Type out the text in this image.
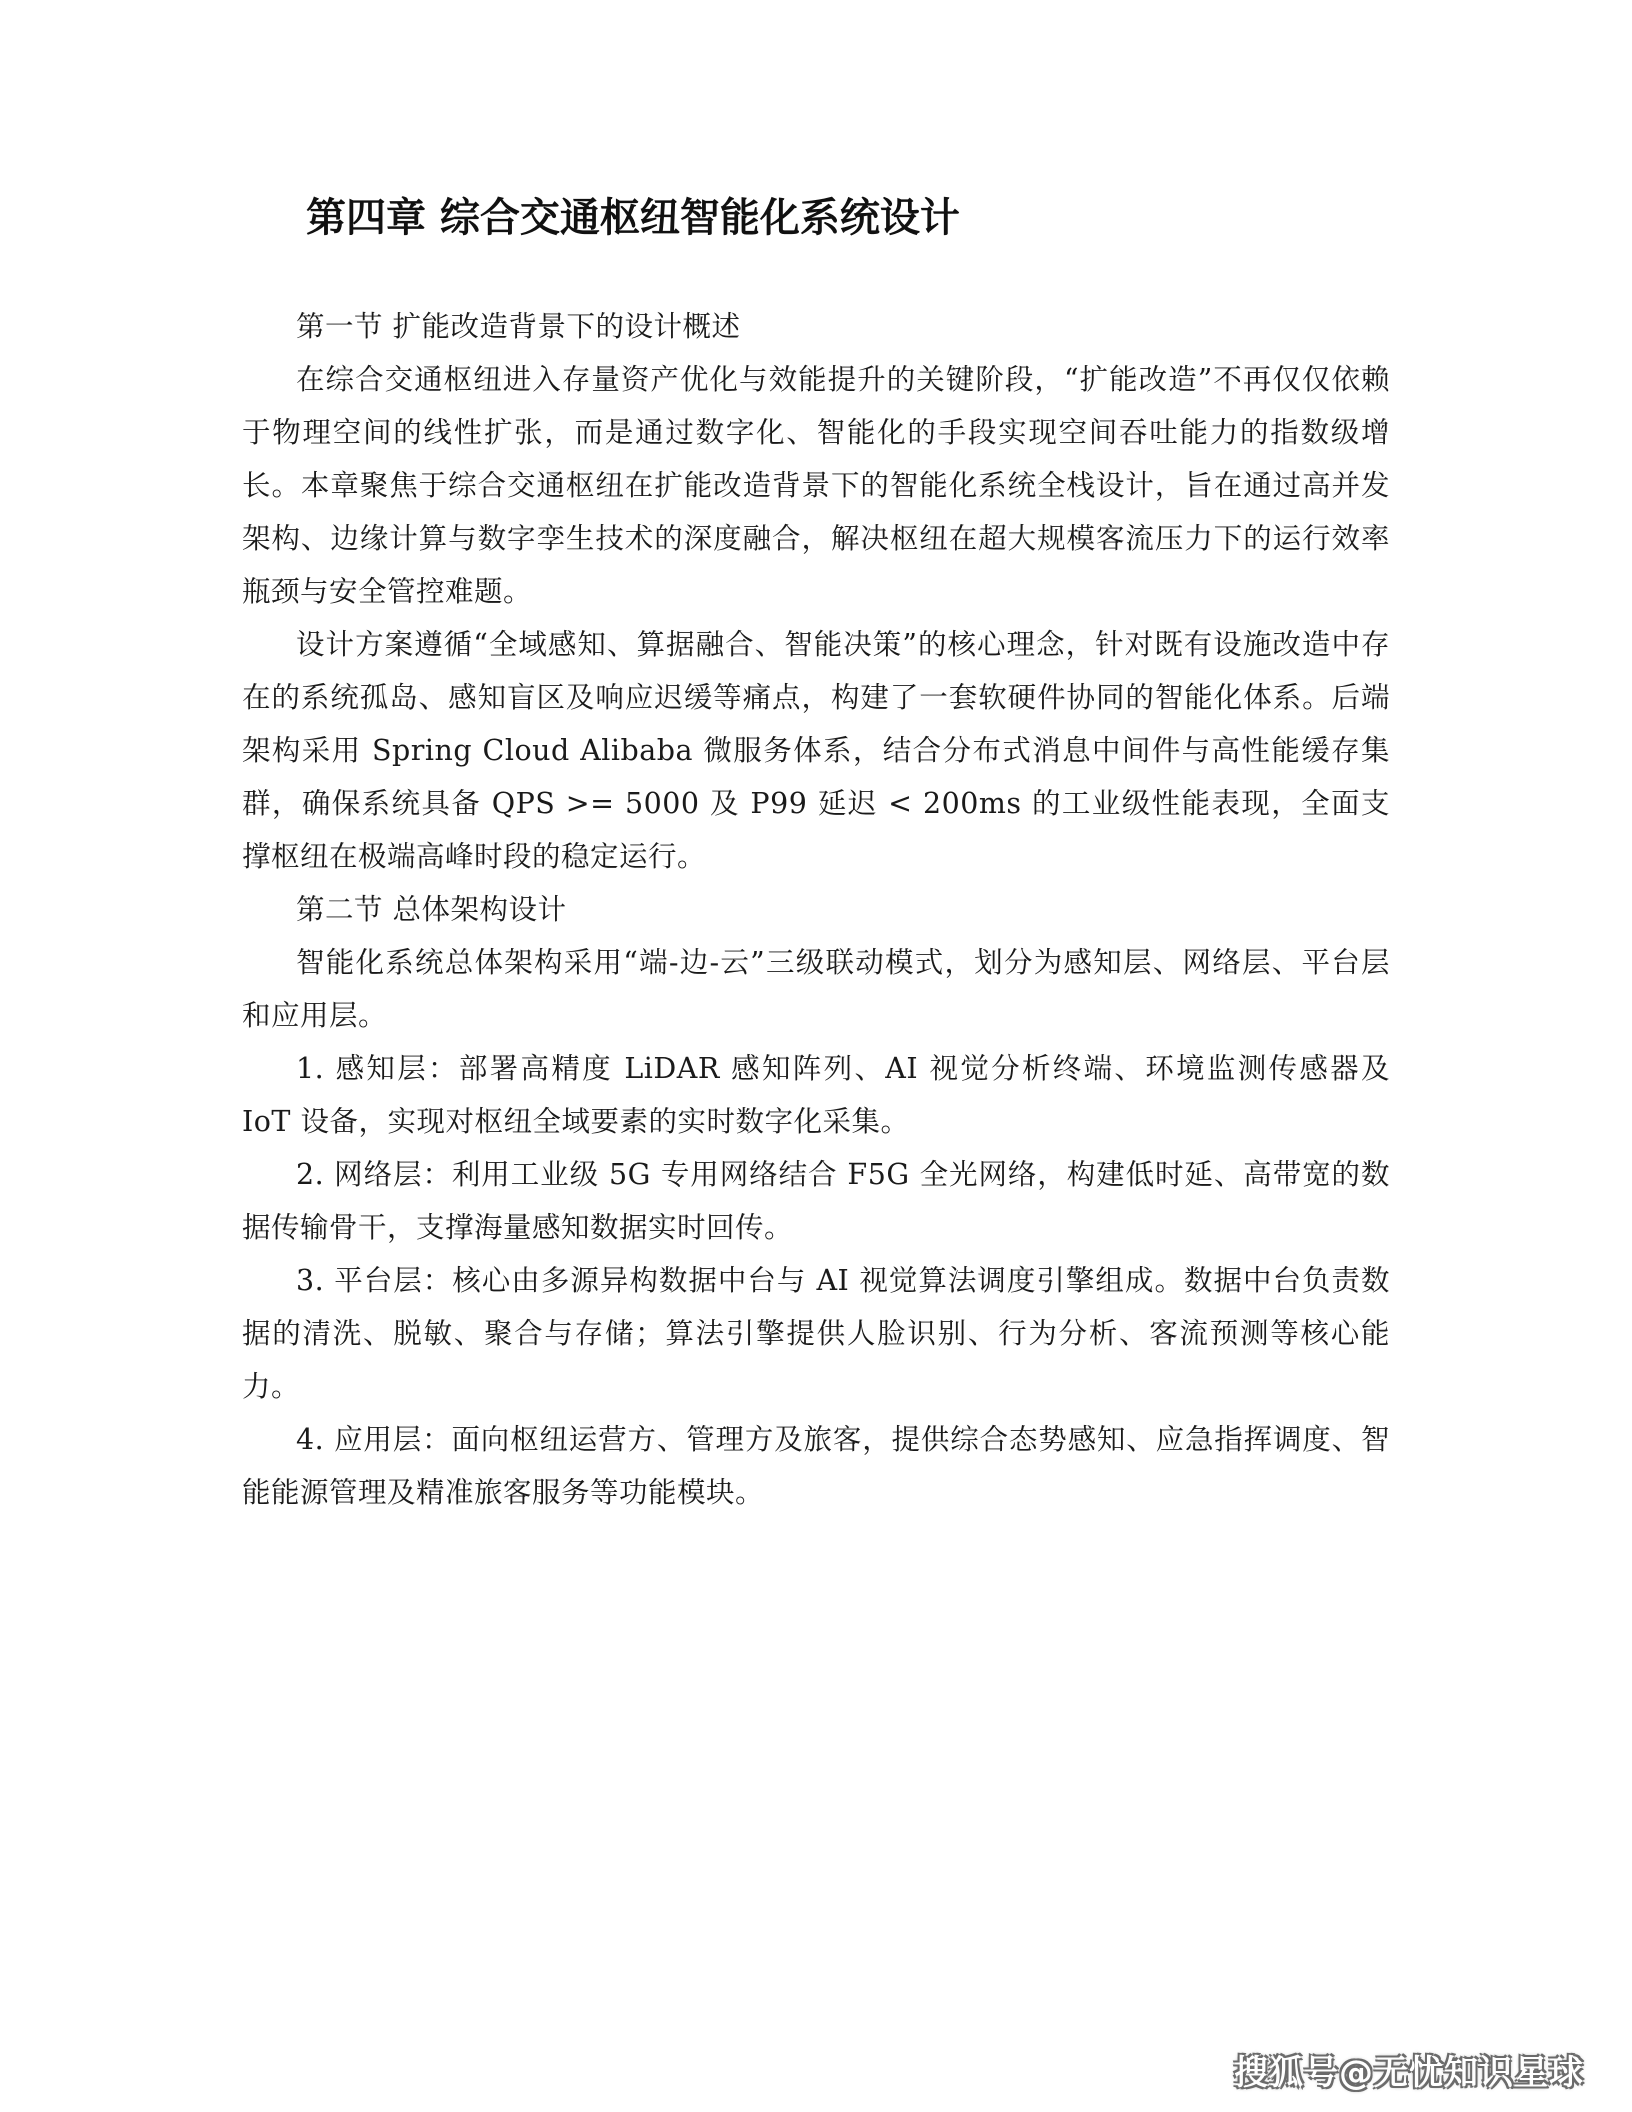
第四章 综合交通枢纽智能化系统设计

第一节 扩能改造背景下的设计概述

在综合交通枢纽进入存量资产优化与效能提升的关键阶段，“扩能改造”不再仅仅依赖于物理空间的线性扩张，而是通过数字化、智能化的手段实现空间吞吐能力的指数级增长。本章聚焦于综合交通枢纽在扩能改造背景下的智能化系统全栈设计，旨在通过高并发架构、边缘计算与数字孪生技术的深度融合，解决枢纽在超大规模客流压力下的运行效率瓶颈与安全管控难题。

设计方案遵循“全域感知、算据融合、智能决策”的核心理念，针对既有设施改造中存在的系统孤岛、感知盲区及响应迟缓等痛点，构建了一套软硬件协同的智能化体系。后端架构采用 Spring Cloud Alibaba 微服务体系，结合分布式消息中间件与高性能缓存集群，确保系统具备 QPS >= 5000 及 P99 延迟 < 200ms 的工业级性能表现，全面支撑枢纽在极端高峰时段的稳定运行。

第二节 总体架构设计

智能化系统总体架构采用“端-边-云”三级联动模式，划分为感知层、网络层、平台层和应用层。

1. 感知层：部署高精度 LiDAR 感知阵列、AI 视觉分析终端、环境监测传感器及 IoT 设备，实现对枢纽全域要素的实时数字化采集。

2. 网络层：利用工业级 5G 专用网络结合 F5G 全光网络，构建低时延、高带宽的数据传输骨干，支撑海量感知数据实时回传。

3. 平台层：核心由多源异构数据中台与 AI 视觉算法调度引擎组成。数据中台负责数据的清洗、脱敏、聚合与存储；算法引擎提供人脸识别、行为分析、客流预测等核心能力。

4. 应用层：面向枢纽运营方、管理方及旅客，提供综合态势感知、应急指挥调度、智能能源管理及精准旅客服务等功能模块。

搜狐号@无忧知识星球
